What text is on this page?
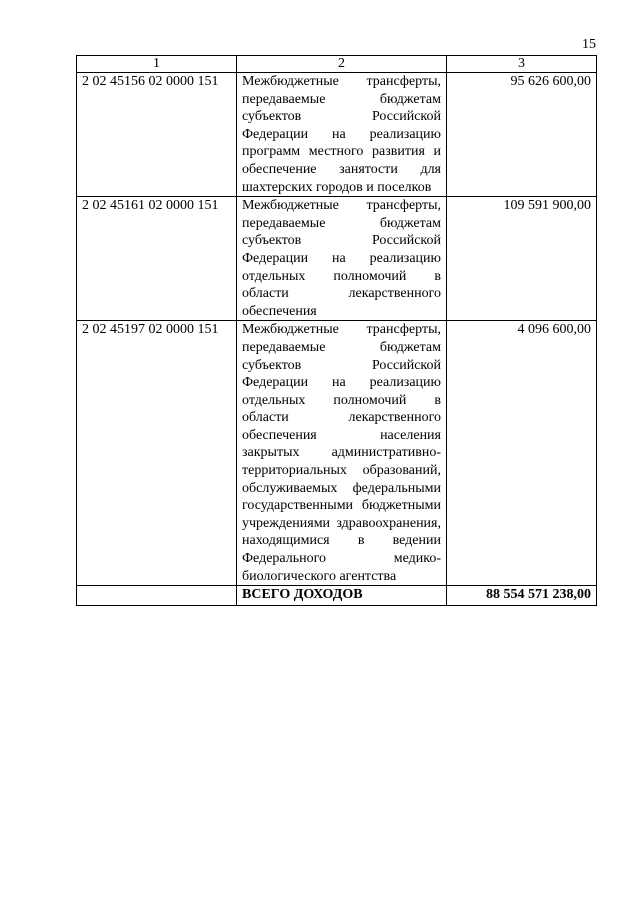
15
1	2	3
2 02 45156 02 0000 151	Межбюджетные трансферты, передаваемые бюджетам субъектов Российской Федерации на реализацию программ местного развития и обеспечение занятости для шахтерских городов и поселков	95 626 600,00
2 02 45161 02 0000 151	Межбюджетные трансферты, передаваемые бюджетам субъектов Российской Федерации на реализацию отдельных полномочий в области лекарственного обеспечения	109 591 900,00
2 02 45197 02 0000 151	Межбюджетные трансферты, передаваемые бюджетам субъектов Российской Федерации на реализацию отдельных полномочий в области лекарственного обеспечения населения закрытых административно-территориальных образований, обслуживаемых федеральными государственными бюджетными учреждениями здравоохранения, находящимися в ведении Федерального медико-биологического агентства	4 096 600,00
	ВСЕГО ДОХОДОВ	88 554 571 238,00
